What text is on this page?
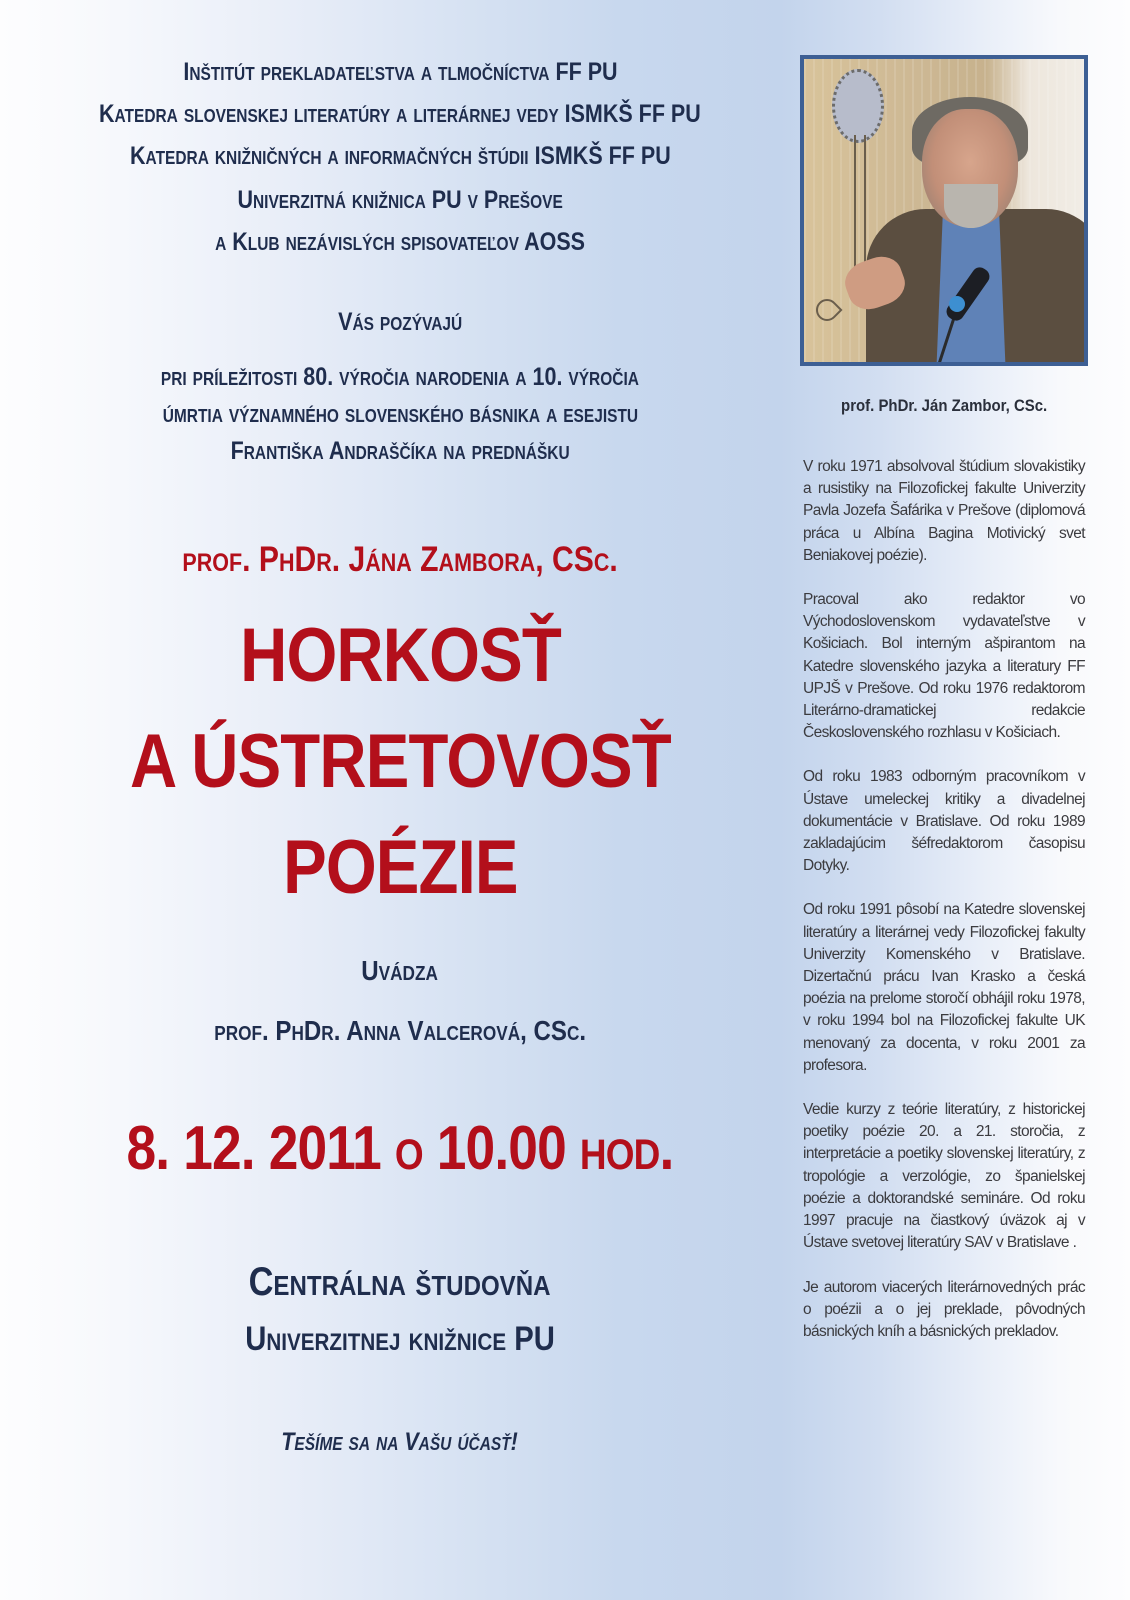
Inštitút prekladateľstva a tlmočníctva FF PU
Katedra slovenskej literatúry a literárnej vedy ISMKŠ FF PU
Katedra knižničných a informačných štúdii ISMKŠ FF PU
Univerzitná knižnica PU v Prešove
a Klub nezávislých spisovateľov AOSS
Vás pozývajú
pri príležitosti 80. výročia narodenia a 10. výročia
úmrtia významného slovenského básnika a esejistu
Františka Andraščíka na prednášku
prof. PhDr. Jána Zambora, CSc.
HORKOSŤ
A ÚSTRETOVOSŤ
POÉZIE
Uvádza
prof. PhDr. Anna Valcerová, CSc.
8. 12. 2011 o 10.00 hod.
Centrálna študovňa
Univerzitnej knižnice PU
Tešíme sa na Vašu účasť!
prof. PhDr. Ján Zambor, CSc.

V roku 1971 absolvoval štúdium slovakistiky a rusistiky na Filozofickej fakulte Univerzity Pavla Jozefa Šafárika v Prešove (diplomová práca u Albína Bagina Motivický svet Beniakovej poézie).

Pracoval ako redaktor vo Východoslovenskom vydavateľstve v Košiciach. Bol interným ašpirantom na Katedre slovenského jazyka a literatury FF UPJŠ v Prešove. Od roku 1976 redaktorom Literárno-dramatickej redakcie Československého rozhlasu v Košiciach.

Od roku 1983 odborným pracovníkom v Ústave umeleckej kritiky a divadelnej dokumentácie v Bratislave. Od roku 1989 zakladajúcim šéfredaktorom časopisu Dotyky.

Od roku 1991 pôsobí na Katedre slovenskej literatúry a literárnej vedy Filozofickej fakulty Univerzity Komenského v Bratislave. Dizertačnú prácu Ivan Krasko a česká poézia na prelome storočí obhájil roku 1978, v roku 1994 bol na Filozofickej fakulte UK menovaný za docenta, v roku 2001 za profesora.

Vedie kurzy z teórie literatúry, z historickej poetiky poézie 20. a 21. storočia, z interpretácie a poetiky slovenskej literatúry, z tropológie a verzológie, zo španielskej poézie a doktorandské semináre. Od roku 1997 pracuje na čiastkový úväzok aj v Ústave svetovej literatúry SAV v Bratislave .

Je autorom viacerých literárnovedných prác o poézii a o jej preklade, pôvodných básnických kníh a básnických prekladov.
